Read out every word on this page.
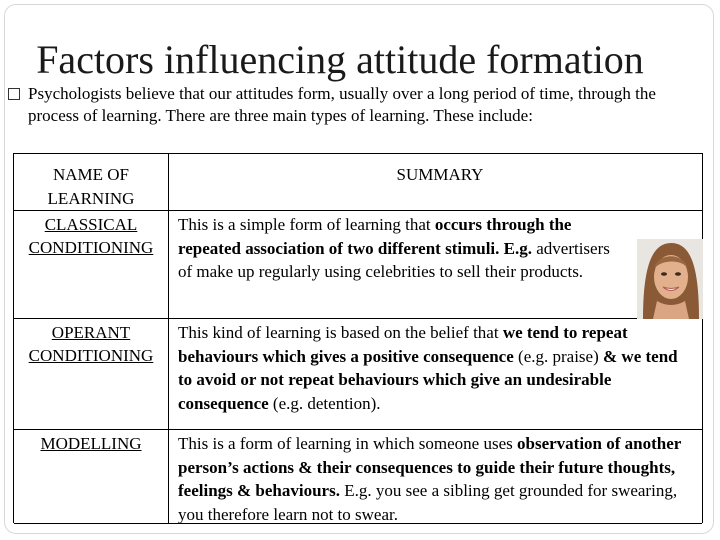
Factors influencing attitude formation
Psychologists believe that our attitudes form, usually over a long period of time, through the process of learning. There are three main types of learning. These include:
NAME OF
LEARNING
SUMMARY
CLASSICAL
CONDITIONING
This is a simple form of learning that occurs through the repeated association of two different stimuli. E.g. advertisers of make up regularly using celebrities to sell their products.
OPERANT
CONDITIONING
This kind of learning is based on the belief that we tend to repeat behaviours which gives a positive consequence (e.g. praise) & we tend to avoid or not repeat behaviours which give an undesirable consequence (e.g. detention).
MODELLING	This is a form of learning in which someone uses observation of another person’s actions & their consequences to guide their future thoughts, feelings & behaviours. E.g. you see a sibling get grounded for swearing, you therefore learn not to swear.
